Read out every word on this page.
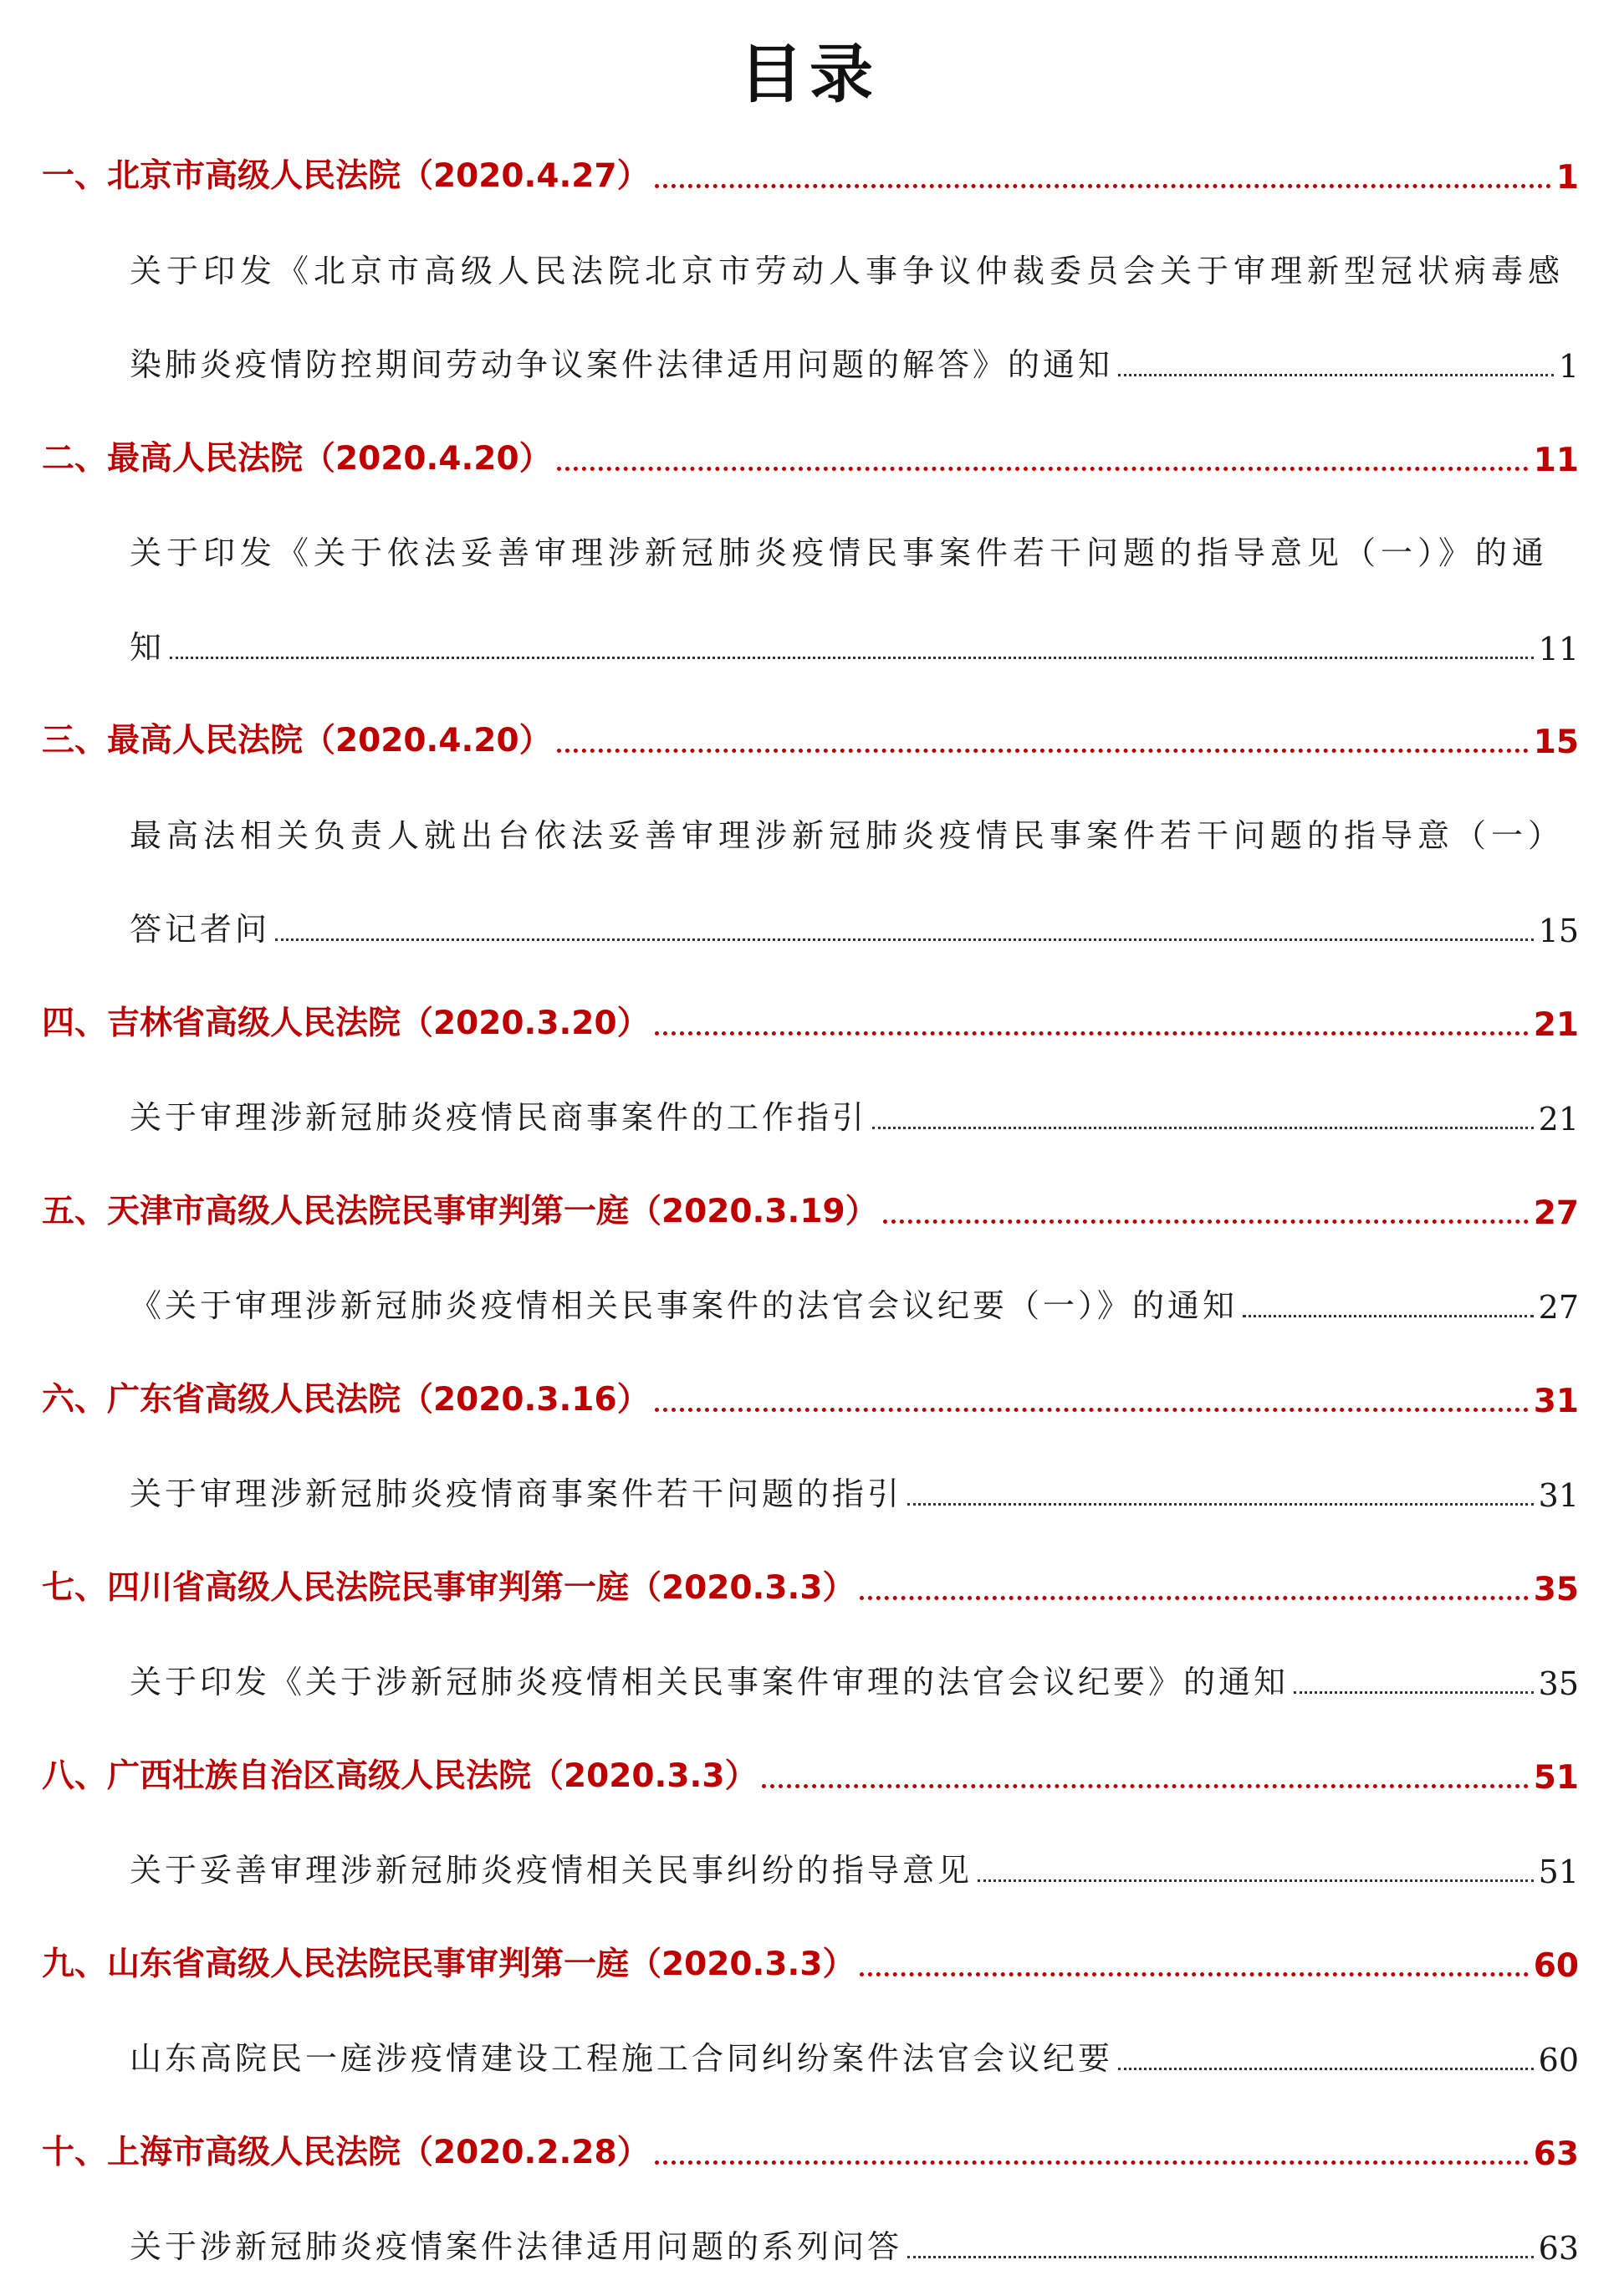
目录
一、北京市高级人民法院（2020.4.27）	1
关于印发《北京市高级人民法院北京市劳动人事争议仲裁委员会关于审理新型冠状病毒感
染肺炎疫情防控期间劳动争议案件法律适用问题的解答》的通知	1
二、最高人民法院（2020.4.20）	11
关于印发《关于依法妥善审理涉新冠肺炎疫情民事案件若干问题的指导意见（一）》的通
知	11
三、最高人民法院（2020.4.20）	15
最高法相关负责人就出台依法妥善审理涉新冠肺炎疫情民事案件若干问题的指导意（一）
答记者问	15
四、吉林省高级人民法院（2020.3.20）	21
关于审理涉新冠肺炎疫情民商事案件的工作指引	21
五、天津市高级人民法院民事审判第一庭（2020.3.19）	27
《关于审理涉新冠肺炎疫情相关民事案件的法官会议纪要（一）》的通知	27
六、广东省高级人民法院（2020.3.16）	31
关于审理涉新冠肺炎疫情商事案件若干问题的指引	31
七、四川省高级人民法院民事审判第一庭（2020.3.3）	35
关于印发《关于涉新冠肺炎疫情相关民事案件审理的法官会议纪要》的通知	35
八、广西壮族自治区高级人民法院（2020.3.3）	51
关于妥善审理涉新冠肺炎疫情相关民事纠纷的指导意见	51
九、山东省高级人民法院民事审判第一庭（2020.3.3）	60
山东高院民一庭涉疫情建设工程施工合同纠纷案件法官会议纪要	60
十、上海市高级人民法院（2020.2.28）	63
关于涉新冠肺炎疫情案件法律适用问题的系列问答	63
